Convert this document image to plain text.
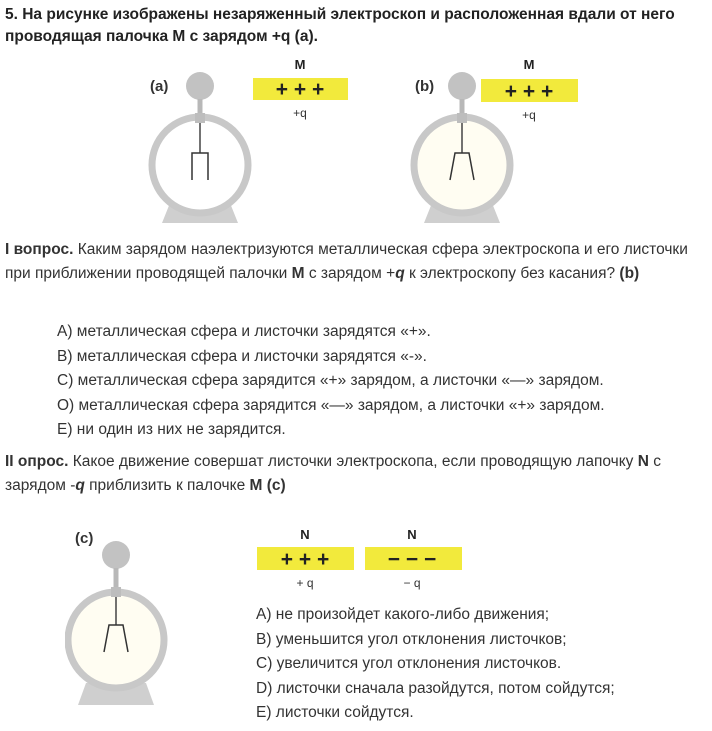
5. На рисунке изображены незаряженный электроскоп и расположенная вдали от него проводящая палочка М с зарядом +q (а).
(a)
M
+ + +
+q
(b)
M
+ + +
+q
I вопрос. Каким зарядом наэлектризуются металлическая сфера электроскопа и его листочки при приближении проводящей палочки M с зарядом +q к электроскопу без касания? (b)
A) металлическая сфера и листочки зарядятся «+».
B) металлическая сфера и листочки зарядятся «-».
C) металлическая сфера зарядится «+» зарядом, а листочки «—» зарядом.
O) металлическая сфера зарядится «—» зарядом, а листочки «+» зарядом.
E) ни один из них не зарядится.
II опрос. Какое движение совершат листочки электроскопа, если проводящую лапочку N с зарядом -q приблизить к палочке M (c)
(c)	N
+ + +
+ q
N
− − −
− q
A) не произойдет какого-либо движения;
B) уменьшится угол отклонения листочков;
C) увеличится угол отклонения листочков.
D) листочки сначала разойдутся, потом сойдутся;
E) листочки сойдутся.
